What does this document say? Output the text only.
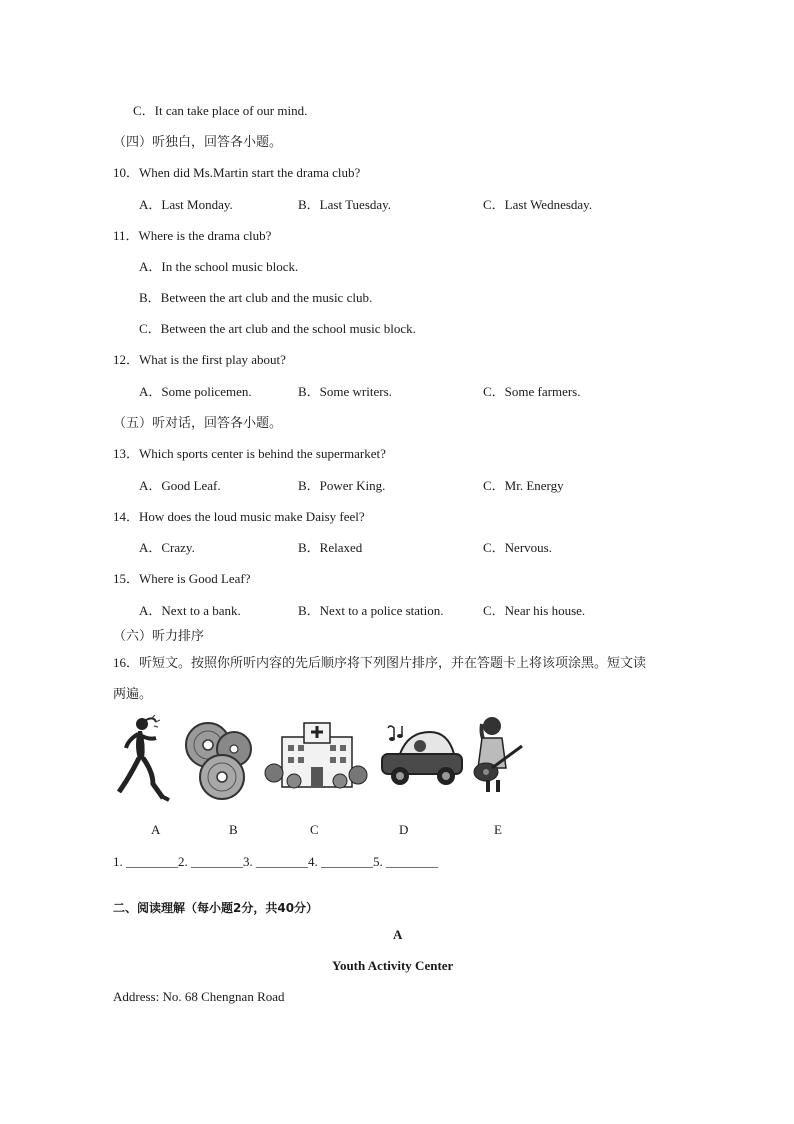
C．It can take place of our mind.
（四）听独白，回答各小题。
10．When did Ms.Martin start the drama club?
A．Last Monday.	B．Last Tuesday.	C．Last Wednesday.
11．Where is the drama club?
A．In the school music block.
B．Between the art club and the music club.
C．Between the art club and the school music block.
12．What is the first play about?
A．Some policemen.	B．Some writers.	C．Some farmers.
（五）听对话，回答各小题。
13．Which sports center is behind the supermarket?
A．Good Leaf.	B．Power King.	C．Mr. Energy
14．How does the loud music make Daisy feel?
A．Crazy.	B．Relaxed	C．Nervous.
15．Where is Good Leaf?
A．Next to a bank.	B．Next to a police station.	C．Near his house.
（六）听力排序
16．听短文。按照你所听内容的先后顺序将下列图片排序，并在答题卡上将该项涂黑。短文读
两遍。
A	B	C	D	E
1. ________2. ________3. ________4. ________5. ________
二、阅读理解（每小题2分，共40分）
A
Youth Activity Center
Address: No. 68 Chengnan Road
